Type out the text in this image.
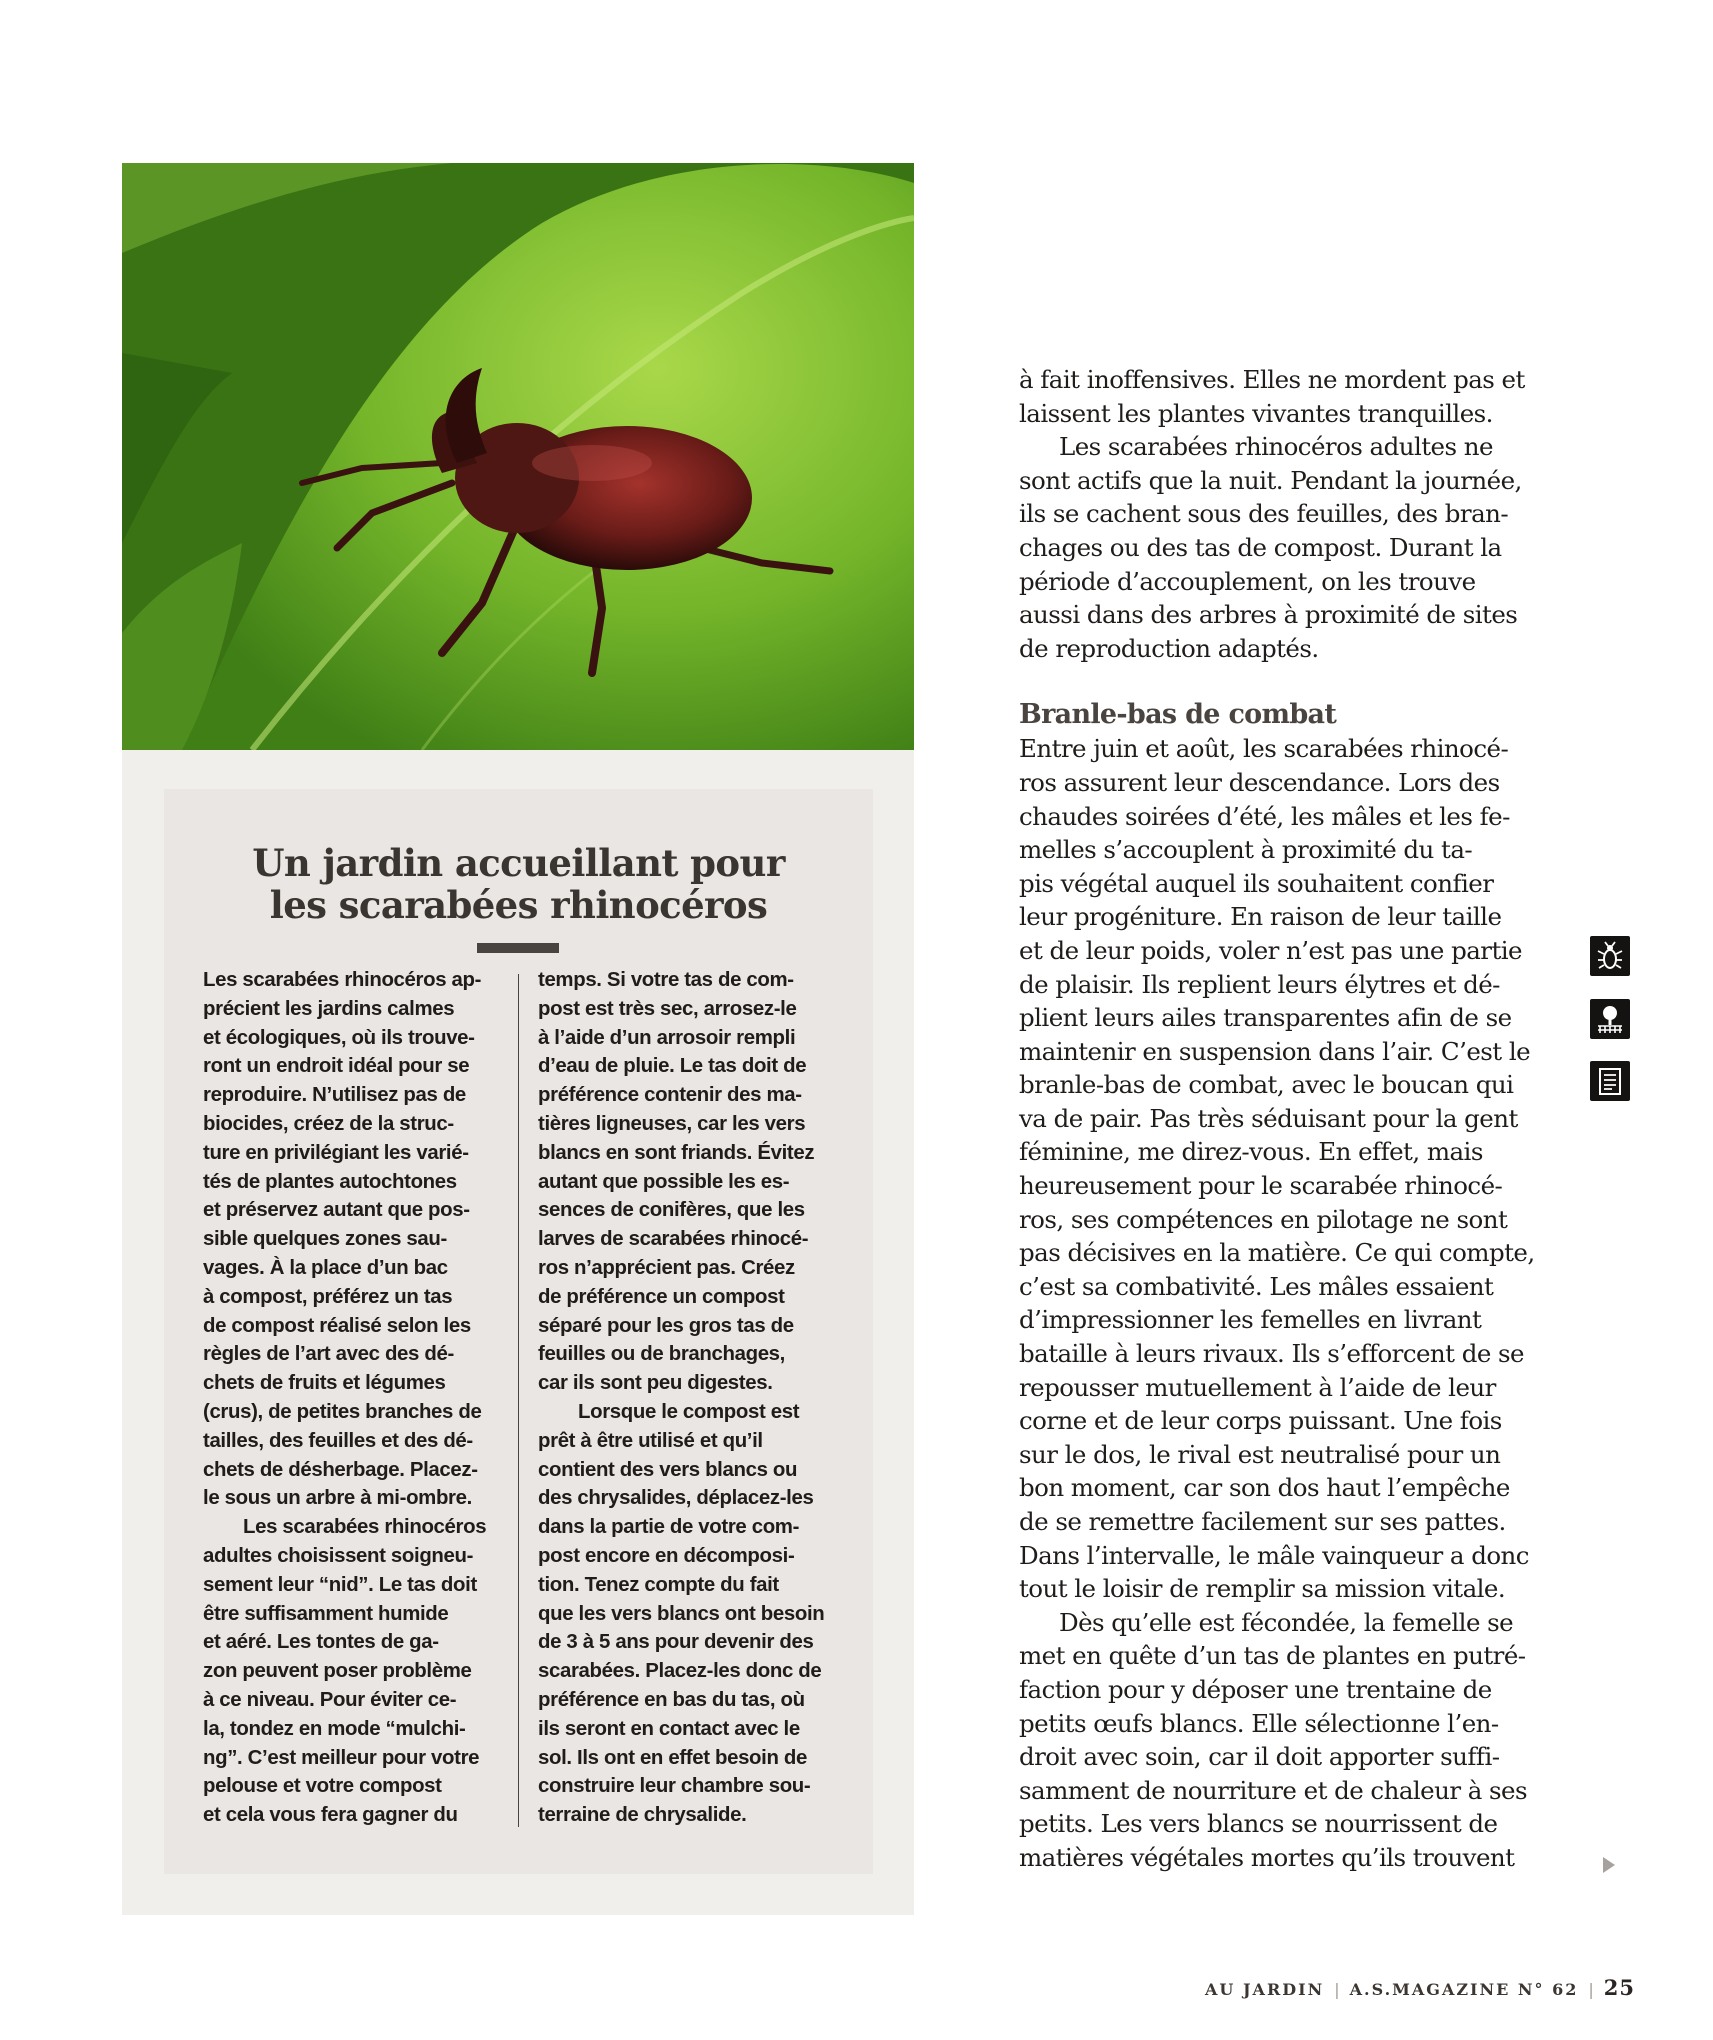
Un jardin accueillant pour
les scarabées rhinocéros
Les scarabées rhinocéros ap-
précient les jardins calmes
et écologiques, où ils trouve-
ront un endroit idéal pour se
reproduire. N’utilisez pas de
biocides, créez de la struc-
ture en privilégiant les varié-
tés de plantes autochtones
et préservez autant que pos-
sible quelques zones sau-
vages. À la place d’un bac
à compost, préférez un tas
de compost réalisé selon les
règles de l’art avec des dé-
chets de fruits et légumes
(crus), de petites branches de
tailles, des feuilles et des dé-
chets de désherbage. Placez-
le sous un arbre à mi-ombre.
Les scarabées rhinocéros
adultes choisissent soigneu-
sement leur “nid”. Le tas doit
être suffisamment humide
et aéré. Les tontes de ga-
zon peuvent poser problème
à ce niveau. Pour éviter ce-
la, tondez en mode “mulchi-
ng”. C’est meilleur pour votre
pelouse et votre compost
et cela vous fera gagner du
temps. Si votre tas de com-
post est très sec, arrosez-le
à l’aide d’un arrosoir rempli
d’eau de pluie. Le tas doit de
préférence contenir des ma-
tières ligneuses, car les vers
blancs en sont friands. Évitez
autant que possible les es-
sences de conifères, que les
larves de scarabées rhinocé-
ros n’apprécient pas. Créez
de préférence un compost
séparé pour les gros tas de
feuilles ou de branchages,
car ils sont peu digestes.
Lorsque le compost est
prêt à être utilisé et qu’il
contient des vers blancs ou
des chrysalides, déplacez-les
dans la partie de votre com-
post encore en décomposi-
tion. Tenez compte du fait
que les vers blancs ont besoin
de 3 à 5 ans pour devenir des
scarabées. Placez-les donc de
préférence en bas du tas, où
ils seront en contact avec le
sol. Ils ont en effet besoin de
construire leur chambre sou-
terraine de chrysalide.
à fait inoffensives. Elles ne mordent pas et
laissent les plantes vivantes tranquilles.
Les scarabées rhinocéros adultes ne
sont actifs que la nuit. Pendant la journée,
ils se cachent sous des feuilles, des bran-
chages ou des tas de compost. Durant la
période d’accouplement, on les trouve
aussi dans des arbres à proximité de sites
de reproduction adaptés.
Branle-bas de combat
Entre juin et août, les scarabées rhinocé-
ros assurent leur descendance. Lors des
chaudes soirées d’été, les mâles et les fe-
melles s’accouplent à proximité du ta-
pis végétal auquel ils souhaitent confier
leur progéniture. En raison de leur taille
et de leur poids, voler n’est pas une partie
de plaisir. Ils replient leurs élytres et dé-
plient leurs ailes transparentes afin de se
maintenir en suspension dans l’air. C’est le
branle-bas de combat, avec le boucan qui
va de pair. Pas très séduisant pour la gent
féminine, me direz-vous. En effet, mais
heureusement pour le scarabée rhinocé-
ros, ses compétences en pilotage ne sont
pas décisives en la matière. Ce qui compte,
c’est sa combativité. Les mâles essaient
d’impressionner les femelles en livrant
bataille à leurs rivaux. Ils s’efforcent de se
repousser mutuellement à l’aide de leur
corne et de leur corps puissant. Une fois
sur le dos, le rival est neutralisé pour un
bon moment, car son dos haut l’empêche
de se remettre facilement sur ses pattes.
Dans l’intervalle, le mâle vainqueur a donc
tout le loisir de remplir sa mission vitale.
Dès qu’elle est fécondée, la femelle se
met en quête d’un tas de plantes en putré-
faction pour y déposer une trentaine de
petits œufs blancs. Elle sélectionne l’en-
droit avec soin, car il doit apporter suffi-
samment de nourriture et de chaleur à ses
petits. Les vers blancs se nourrissent de
matières végétales mortes qu’ils trouvent
AU JARDIN | A.S.MAGAZINE N° 62 | 25
